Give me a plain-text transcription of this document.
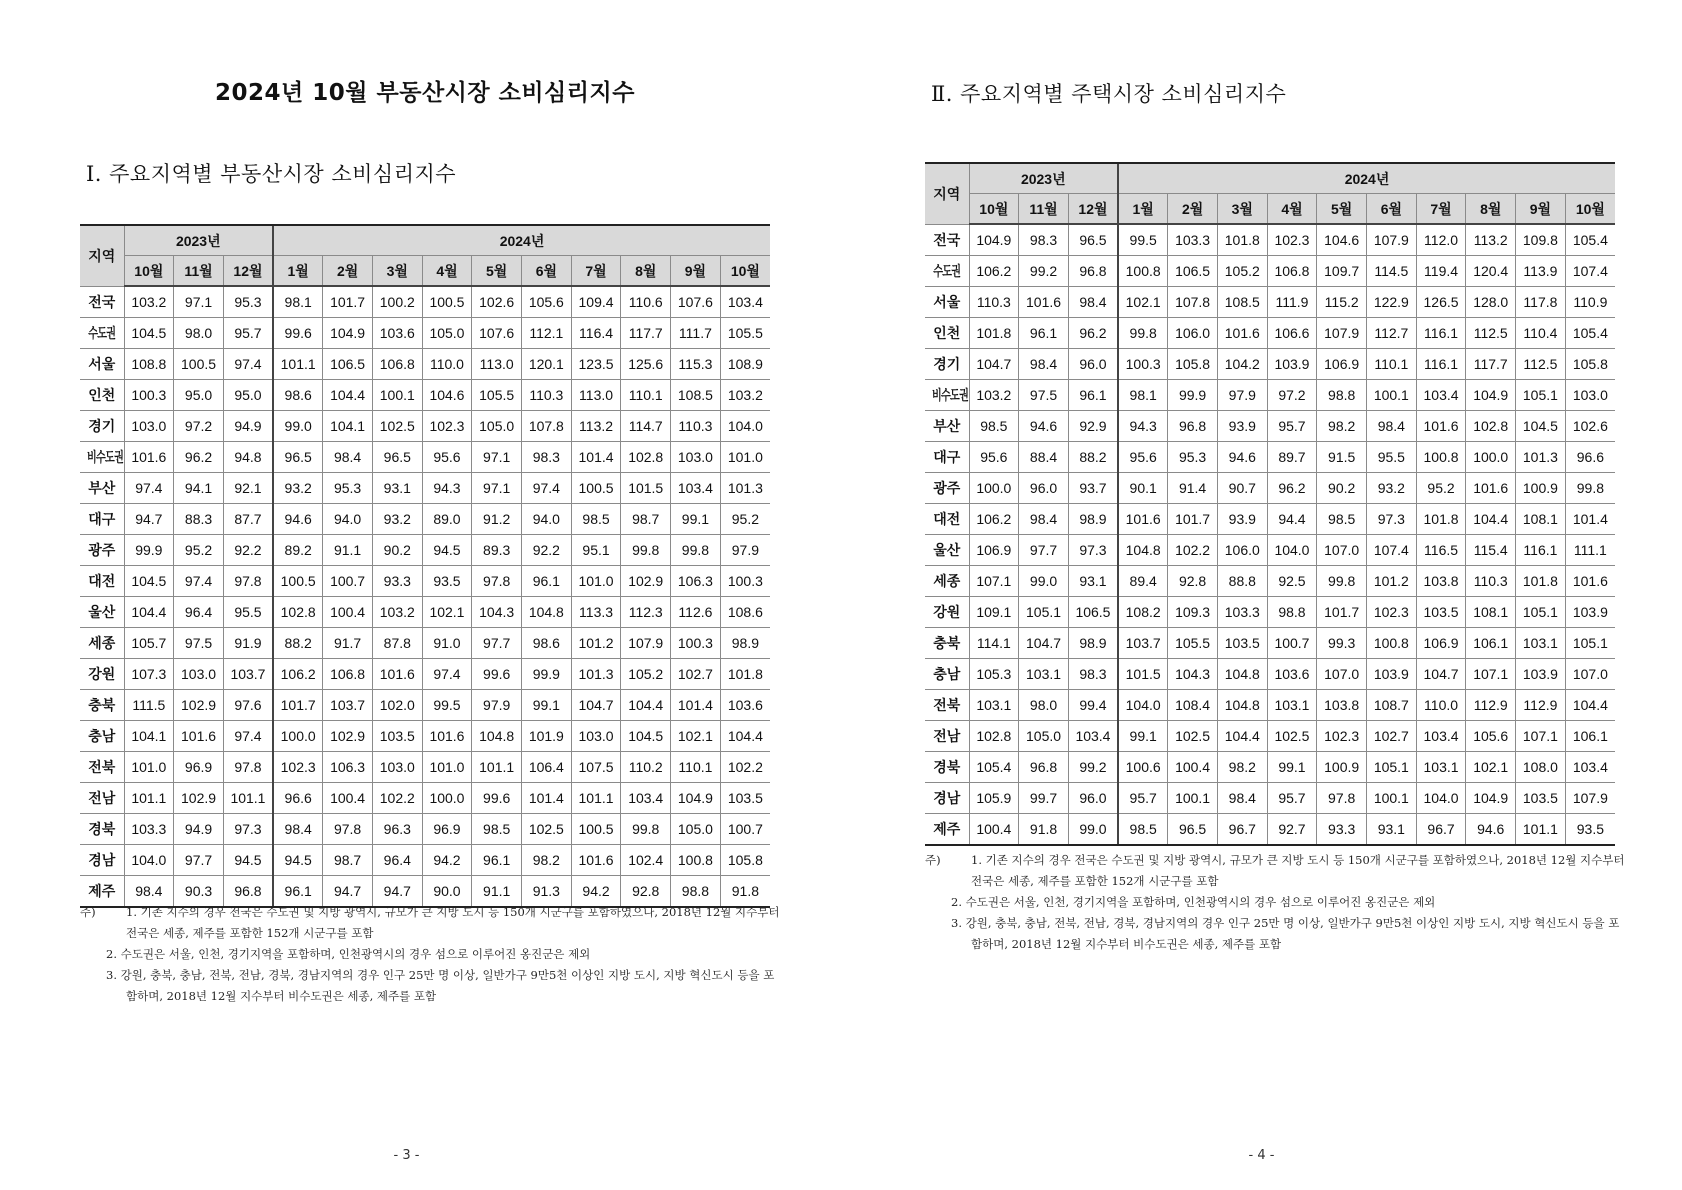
2024년 10월 부동산시장 소비심리지수
Ⅰ. 주요지역별 부동산시장 소비심리지수
지역	2023년			2024년									
	10월	11월	12월	1월	2월	3월	4월	5월	6월	7월	8월	9월	10월
전국	103.2	97.1	95.3	98.1	101.7	100.2	100.5	102.6	105.6	109.4	110.6	107.6	103.4
수도권	104.5	98.0	95.7	99.6	104.9	103.6	105.0	107.6	112.1	116.4	117.7	111.7	105.5
서울	108.8	100.5	97.4	101.1	106.5	106.8	110.0	113.0	120.1	123.5	125.6	115.3	108.9
인천	100.3	95.0	95.0	98.6	104.4	100.1	104.6	105.5	110.3	113.0	110.1	108.5	103.2
경기	103.0	97.2	94.9	99.0	104.1	102.5	102.3	105.0	107.8	113.2	114.7	110.3	104.0
비수도권	101.6	96.2	94.8	96.5	98.4	96.5	95.6	97.1	98.3	101.4	102.8	103.0	101.0
부산	97.4	94.1	92.1	93.2	95.3	93.1	94.3	97.1	97.4	100.5	101.5	103.4	101.3
대구	94.7	88.3	87.7	94.6	94.0	93.2	89.0	91.2	94.0	98.5	98.7	99.1	95.2
광주	99.9	95.2	92.2	89.2	91.1	90.2	94.5	89.3	92.2	95.1	99.8	99.8	97.9
대전	104.5	97.4	97.8	100.5	100.7	93.3	93.5	97.8	96.1	101.0	102.9	106.3	100.3
울산	104.4	96.4	95.5	102.8	100.4	103.2	102.1	104.3	104.8	113.3	112.3	112.6	108.6
세종	105.7	97.5	91.9	88.2	91.7	87.8	91.0	97.7	98.6	101.2	107.9	100.3	98.9
강원	107.3	103.0	103.7	106.2	106.8	101.6	97.4	99.6	99.9	101.3	105.2	102.7	101.8
충북	111.5	102.9	97.6	101.7	103.7	102.0	99.5	97.9	99.1	104.7	104.4	101.4	103.6
충남	104.1	101.6	97.4	100.0	102.9	103.5	101.6	104.8	101.9	103.0	104.5	102.1	104.4
전북	101.0	96.9	97.8	102.3	106.3	103.0	101.0	101.1	106.4	107.5	110.2	110.1	102.2
전남	101.1	102.9	101.1	96.6	100.4	102.2	100.0	99.6	101.4	101.1	103.4	104.9	103.5
경북	103.3	94.9	97.3	98.4	97.8	96.3	96.9	98.5	102.5	100.5	99.8	105.0	100.7
경남	104.0	97.7	94.5	94.5	98.7	96.4	94.2	96.1	98.2	101.6	102.4	100.8	105.8
제주	98.4	90.3	96.8	96.1	94.7	94.7	90.0	91.1	91.3	94.2	92.8	98.8	91.8
주)	1. 기존 지수의 경우 전국은 수도권 및 지방 광역시, 규모가 큰 지방 도시 등 150개 시군구를 포함하였으나, 2018년 12월 지수부터 전국은 세종, 제주를 포함한 152개 시군구를 포함
2. 수도권은 서울, 인천, 경기지역을 포함하며, 인천광역시의 경우 섬으로 이루어진 옹진군은 제외
3. 강원, 충북, 충남, 전북, 전남, 경북, 경남지역의 경우 인구 25만 명 이상, 일반가구 9만5천 이상인 지방 도시, 지방 혁신도시 등을 포함하며, 2018년 12월 지수부터 비수도권은 세종, 제주를 포함

- 3 -

Ⅱ. 주요지역별 주택시장 소비심리지수
지역	2023년			2024년									
	10월	11월	12월	1월	2월	3월	4월	5월	6월	7월	8월	9월	10월
전국	104.9	98.3	96.5	99.5	103.3	101.8	102.3	104.6	107.9	112.0	113.2	109.8	105.4
수도권	106.2	99.2	96.8	100.8	106.5	105.2	106.8	109.7	114.5	119.4	120.4	113.9	107.4
서울	110.3	101.6	98.4	102.1	107.8	108.5	111.9	115.2	122.9	126.5	128.0	117.8	110.9
인천	101.8	96.1	96.2	99.8	106.0	101.6	106.6	107.9	112.7	116.1	112.5	110.4	105.4
경기	104.7	98.4	96.0	100.3	105.8	104.2	103.9	106.9	110.1	116.1	117.7	112.5	105.8
비수도권	103.2	97.5	96.1	98.1	99.9	97.9	97.2	98.8	100.1	103.4	104.9	105.1	103.0
부산	98.5	94.6	92.9	94.3	96.8	93.9	95.7	98.2	98.4	101.6	102.8	104.5	102.6
대구	95.6	88.4	88.2	95.6	95.3	94.6	89.7	91.5	95.5	100.8	100.0	101.3	96.6
광주	100.0	96.0	93.7	90.1	91.4	90.7	96.2	90.2	93.2	95.2	101.6	100.9	99.8
대전	106.2	98.4	98.9	101.6	101.7	93.9	94.4	98.5	97.3	101.8	104.4	108.1	101.4
울산	106.9	97.7	97.3	104.8	102.2	106.0	104.0	107.0	107.4	116.5	115.4	116.1	111.1
세종	107.1	99.0	93.1	89.4	92.8	88.8	92.5	99.8	101.2	103.8	110.3	101.8	101.6
강원	109.1	105.1	106.5	108.2	109.3	103.3	98.8	101.7	102.3	103.5	108.1	105.1	103.9
충북	114.1	104.7	98.9	103.7	105.5	103.5	100.7	99.3	100.8	106.9	106.1	103.1	105.1
충남	105.3	103.1	98.3	101.5	104.3	104.8	103.6	107.0	103.9	104.7	107.1	103.9	107.0
전북	103.1	98.0	99.4	104.0	108.4	104.8	103.1	103.8	108.7	110.0	112.9	112.9	104.4
전남	102.8	105.0	103.4	99.1	102.5	104.4	102.5	102.3	102.7	103.4	105.6	107.1	106.1
경북	105.4	96.8	99.2	100.6	100.4	98.2	99.1	100.9	105.1	103.1	102.1	108.0	103.4
경남	105.9	99.7	96.0	95.7	100.1	98.4	95.7	97.8	100.1	104.0	104.9	103.5	107.9
제주	100.4	91.8	99.0	98.5	96.5	96.7	92.7	93.3	93.1	96.7	94.6	101.1	93.5
주)	1. 기존 지수의 경우 전국은 수도권 및 지방 광역시, 규모가 큰 지방 도시 등 150개 시군구를 포함하였으나, 2018년 12월 지수부터 전국은 세종, 제주를 포함한 152개 시군구를 포함
2. 수도권은 서울, 인천, 경기지역을 포함하며, 인천광역시의 경우 섬으로 이루어진 옹진군은 제외
3. 강원, 충북, 충남, 전북, 전남, 경북, 경남지역의 경우 인구 25만 명 이상, 일반가구 9만5천 이상인 지방 도시, 지방 혁신도시 등을 포함하며, 2018년 12월 지수부터 비수도권은 세종, 제주를 포함

- 4 -
